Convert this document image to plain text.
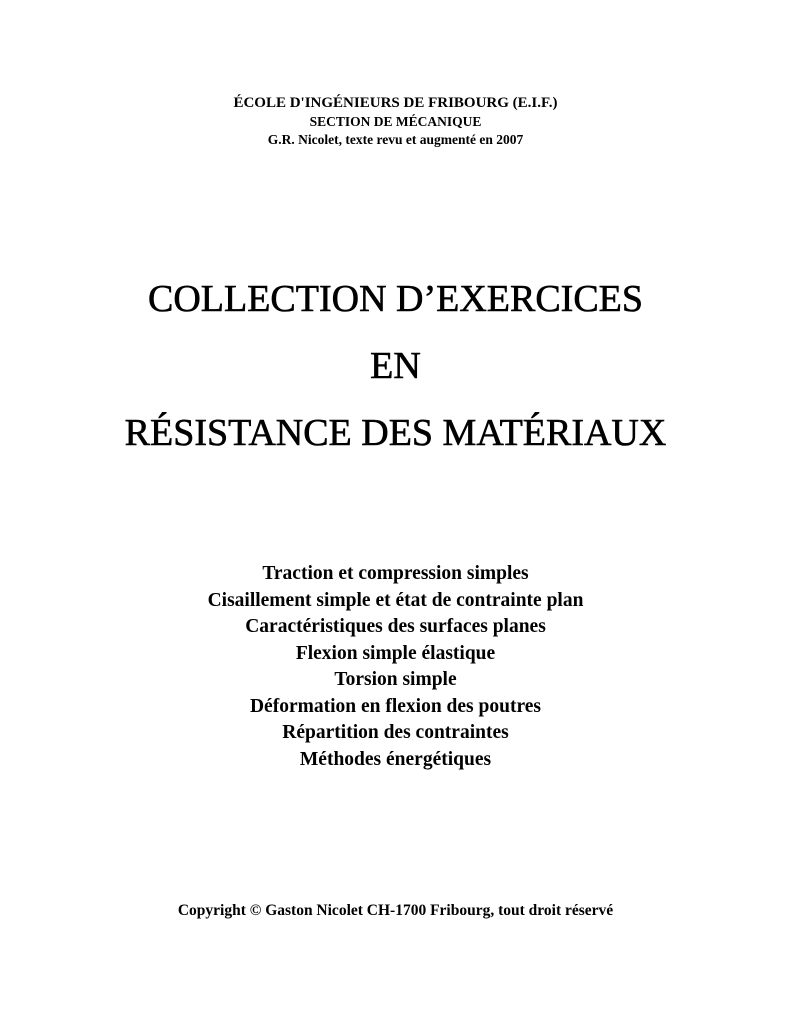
ÉCOLE D'INGÉNIEURS DE FRIBOURG (E.I.F.)
SECTION DE MÉCANIQUE
G.R. Nicolet, texte revu et augmenté en 2007
COLLECTION D’EXERCICES
EN
RÉSISTANCE DES MATÉRIAUX
Traction et compression simples
Cisaillement simple et état de contrainte plan
Caractéristiques des surfaces planes
Flexion simple élastique
Torsion simple
Déformation en flexion des poutres
Répartition des contraintes
Méthodes énergétiques
Copyright © Gaston Nicolet CH-1700 Fribourg, tout droit réservé
